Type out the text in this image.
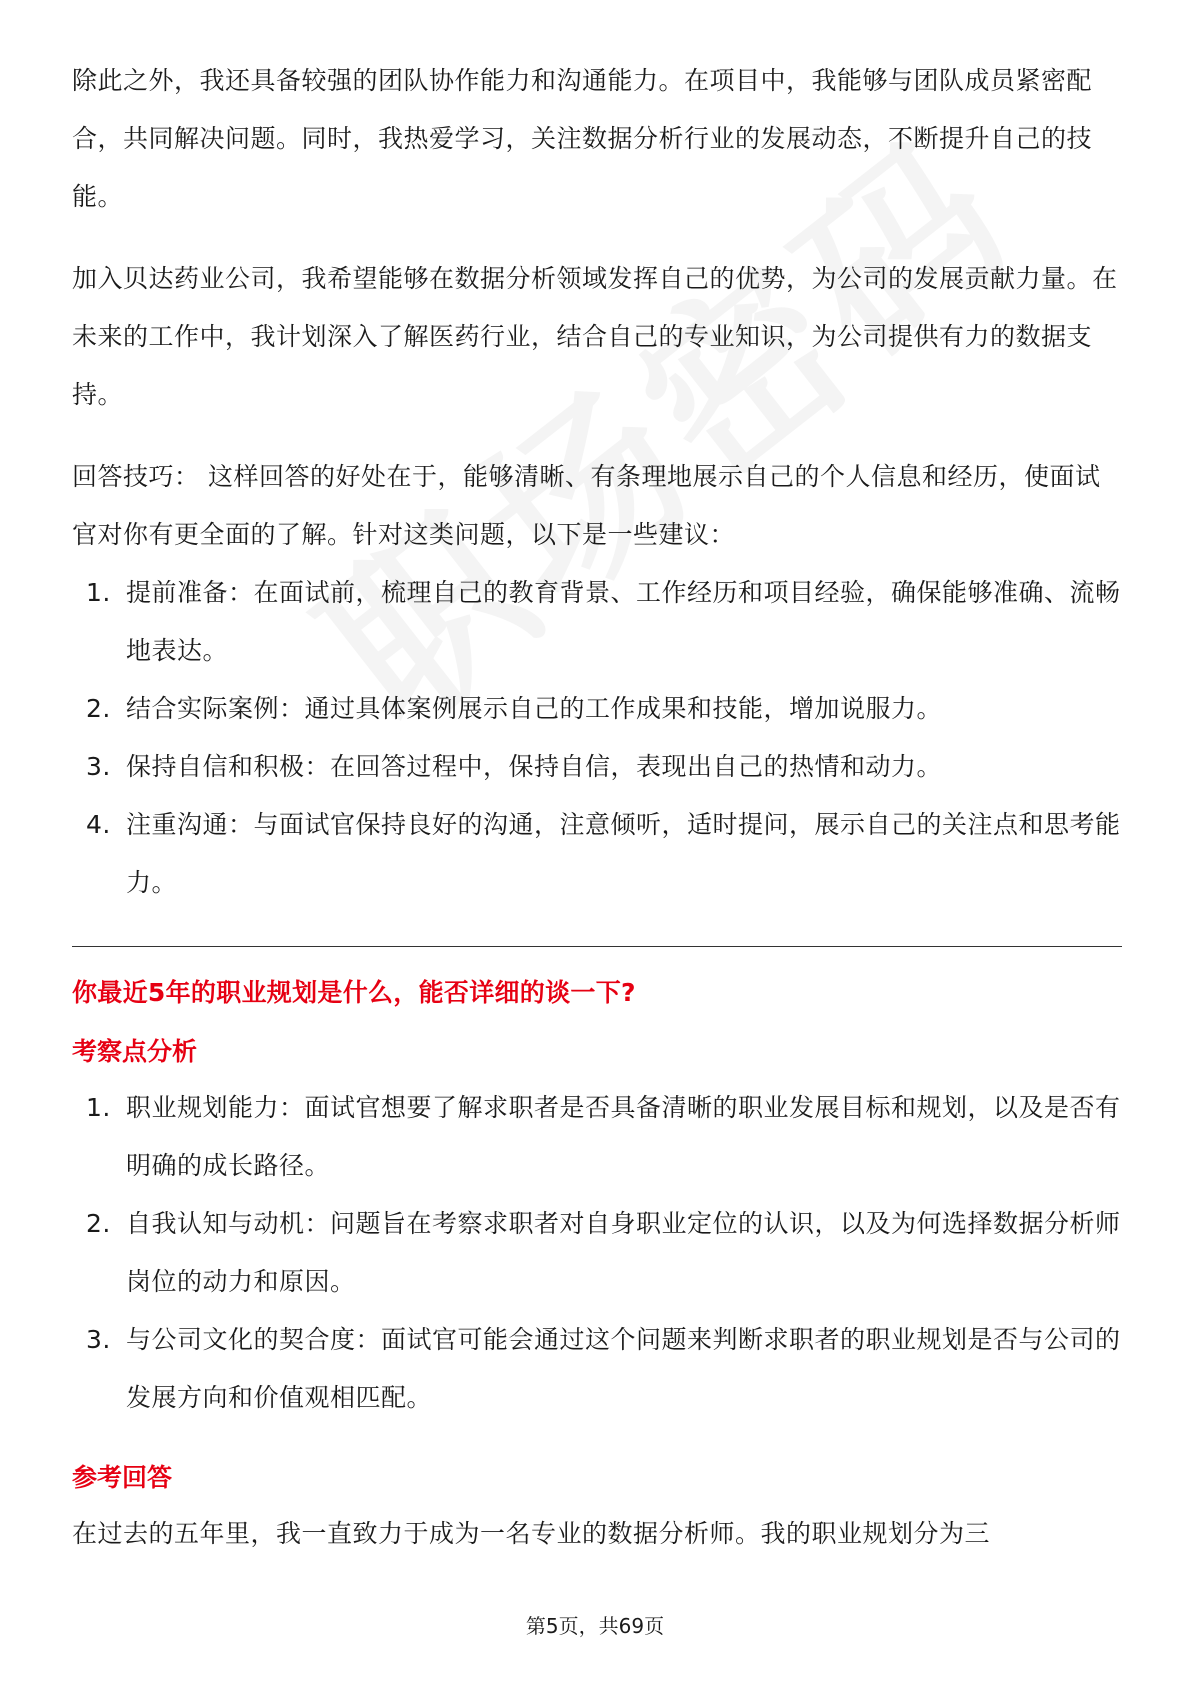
除此之外，我还具备较强的团队协作能力和沟通能力。在项目中，我能够与团队成员紧密配合，共同解决问题。同时，我热爱学习，关注数据分析行业的发展动态，不断提升自己的技能。

加入贝达药业公司，我希望能够在数据分析领域发挥自己的优势，为公司的发展贡献力量。在未来的工作中，我计划深入了解医药行业，结合自己的专业知识，为公司提供有力的数据支持。

回答技巧： 这样回答的好处在于，能够清晰、有条理地展示自己的个人信息和经历，使面试官对你有更全面的了解。针对这类问题，以下是一些建议：

1. 提前准备：在面试前，梳理自己的教育背景、工作经历和项目经验，确保能够准确、流畅地表达。
2. 结合实际案例：通过具体案例展示自己的工作成果和技能，增加说服力。
3. 保持自信和积极：在回答过程中，保持自信，表现出自己的热情和动力。
4. 注重沟通：与面试官保持良好的沟通，注意倾听，适时提问，展示自己的关注点和思考能力。
你最近5年的职业规划是什么，能否详细的谈一下?
考察点分析
1. 职业规划能力：面试官想要了解求职者是否具备清晰的职业发展目标和规划，以及是否有明确的成长路径。
2. 自我认知与动机：问题旨在考察求职者对自身职业定位的认识，以及为何选择数据分析师岗位的动力和原因。
3. 与公司文化的契合度：面试官可能会通过这个问题来判断求职者的职业规划是否与公司的发展方向和价值观相匹配。
参考回答

在过去的五年里，我一直致力于成为一名专业的数据分析师。我的职业规划分为三

第5页，共69页
